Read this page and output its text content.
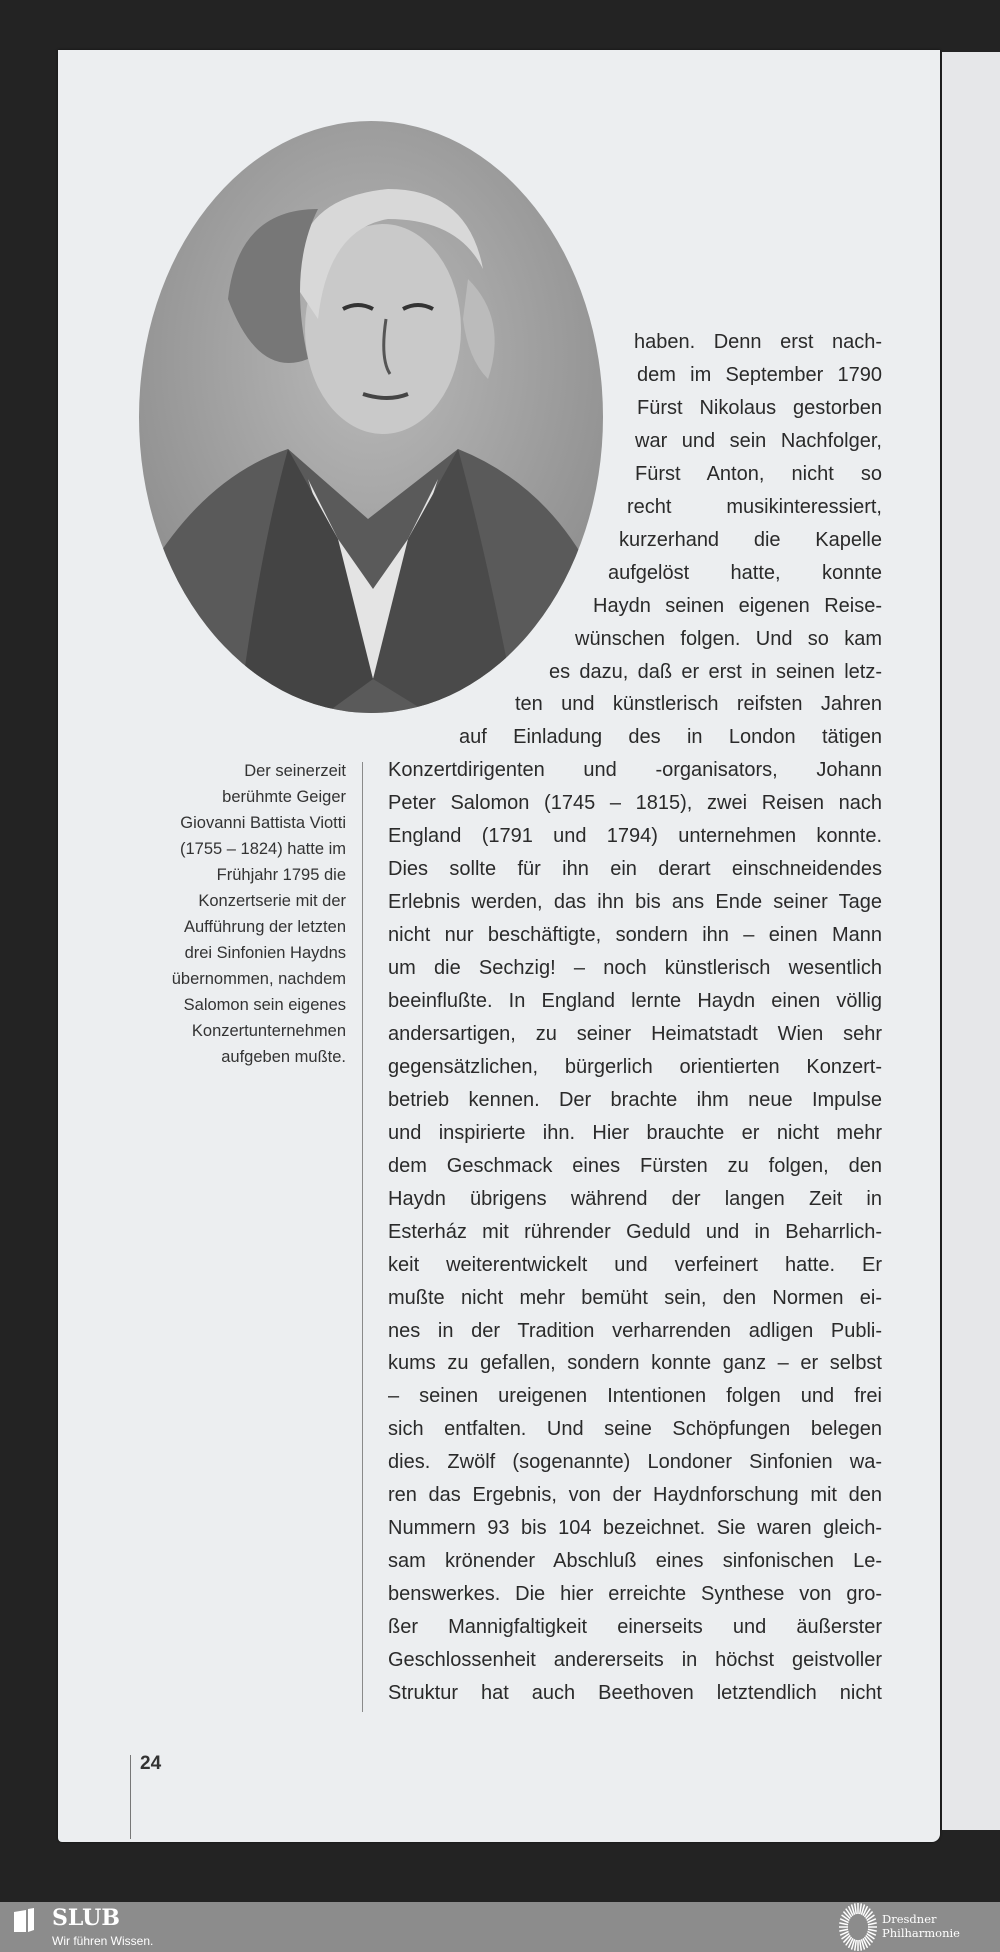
Der seinerzeit
berühmte Geiger
Giovanni Battista Viotti
(1755 – 1824) hatte im
Frühjahr 1795 die
Konzertserie mit der
Aufführung der letzten
drei Sinfonien Haydns
übernommen, nachdem
Salomon sein eigenes
Konzertunternehmen
aufgeben mußte.
haben. Denn erst nach-
dem im September 1790
Fürst Nikolaus gestorben
war und sein Nachfolger,
Fürst Anton, nicht so
recht musikinteressiert,
kurzerhand die Kapelle
aufgelöst hatte, konnte
Haydn seinen eigenen Reise-
wünschen folgen. Und so kam
es dazu, daß er erst in seinen letz-
ten und künstlerisch reifsten Jahren
auf Einladung des in London tätigen
Konzertdirigenten und -organisators, Johann
Peter Salomon (1745 – 1815), zwei Reisen nach
England (1791 und 1794) unternehmen konnte.
Dies sollte für ihn ein derart einschneidendes
Erlebnis werden, das ihn bis ans Ende seiner Tage
nicht nur beschäftigte, sondern ihn – einen Mann
um die Sechzig! – noch künstlerisch wesentlich
beeinflußte. In England lernte Haydn einen völlig
andersartigen, zu seiner Heimatstadt Wien sehr
gegensätzlichen, bürgerlich orientierten Konzert-
betrieb kennen. Der brachte ihm neue Impulse
und inspirierte ihn. Hier brauchte er nicht mehr
dem Geschmack eines Fürsten zu folgen, den
Haydn übrigens während der langen Zeit in
Esterház mit rührender Geduld und in Beharrlich-
keit weiterentwickelt und verfeinert hatte. Er
mußte nicht mehr bemüht sein, den Normen ei-
nes in der Tradition verharrenden adligen Publi-
kums zu gefallen, sondern konnte ganz – er selbst
– seinen ureigenen Intentionen folgen und frei
sich entfalten. Und seine Schöpfungen belegen
dies. Zwölf (sogenannte) Londoner Sinfonien wa-
ren das Ergebnis, von der Haydnforschung mit den
Nummern 93 bis 104 bezeichnet. Sie waren gleich-
sam krönender Abschluß eines sinfonischen Le-
benswerkes. Die hier erreichte Synthese von gro-
ßer Mannigfaltigkeit einerseits und äußerster
Geschlossenheit andererseits in höchst geistvoller
Struktur hat auch Beethoven letztendlich nicht
24
SLUB
Wir führen Wissen.
Dresdner
Philharmonie
